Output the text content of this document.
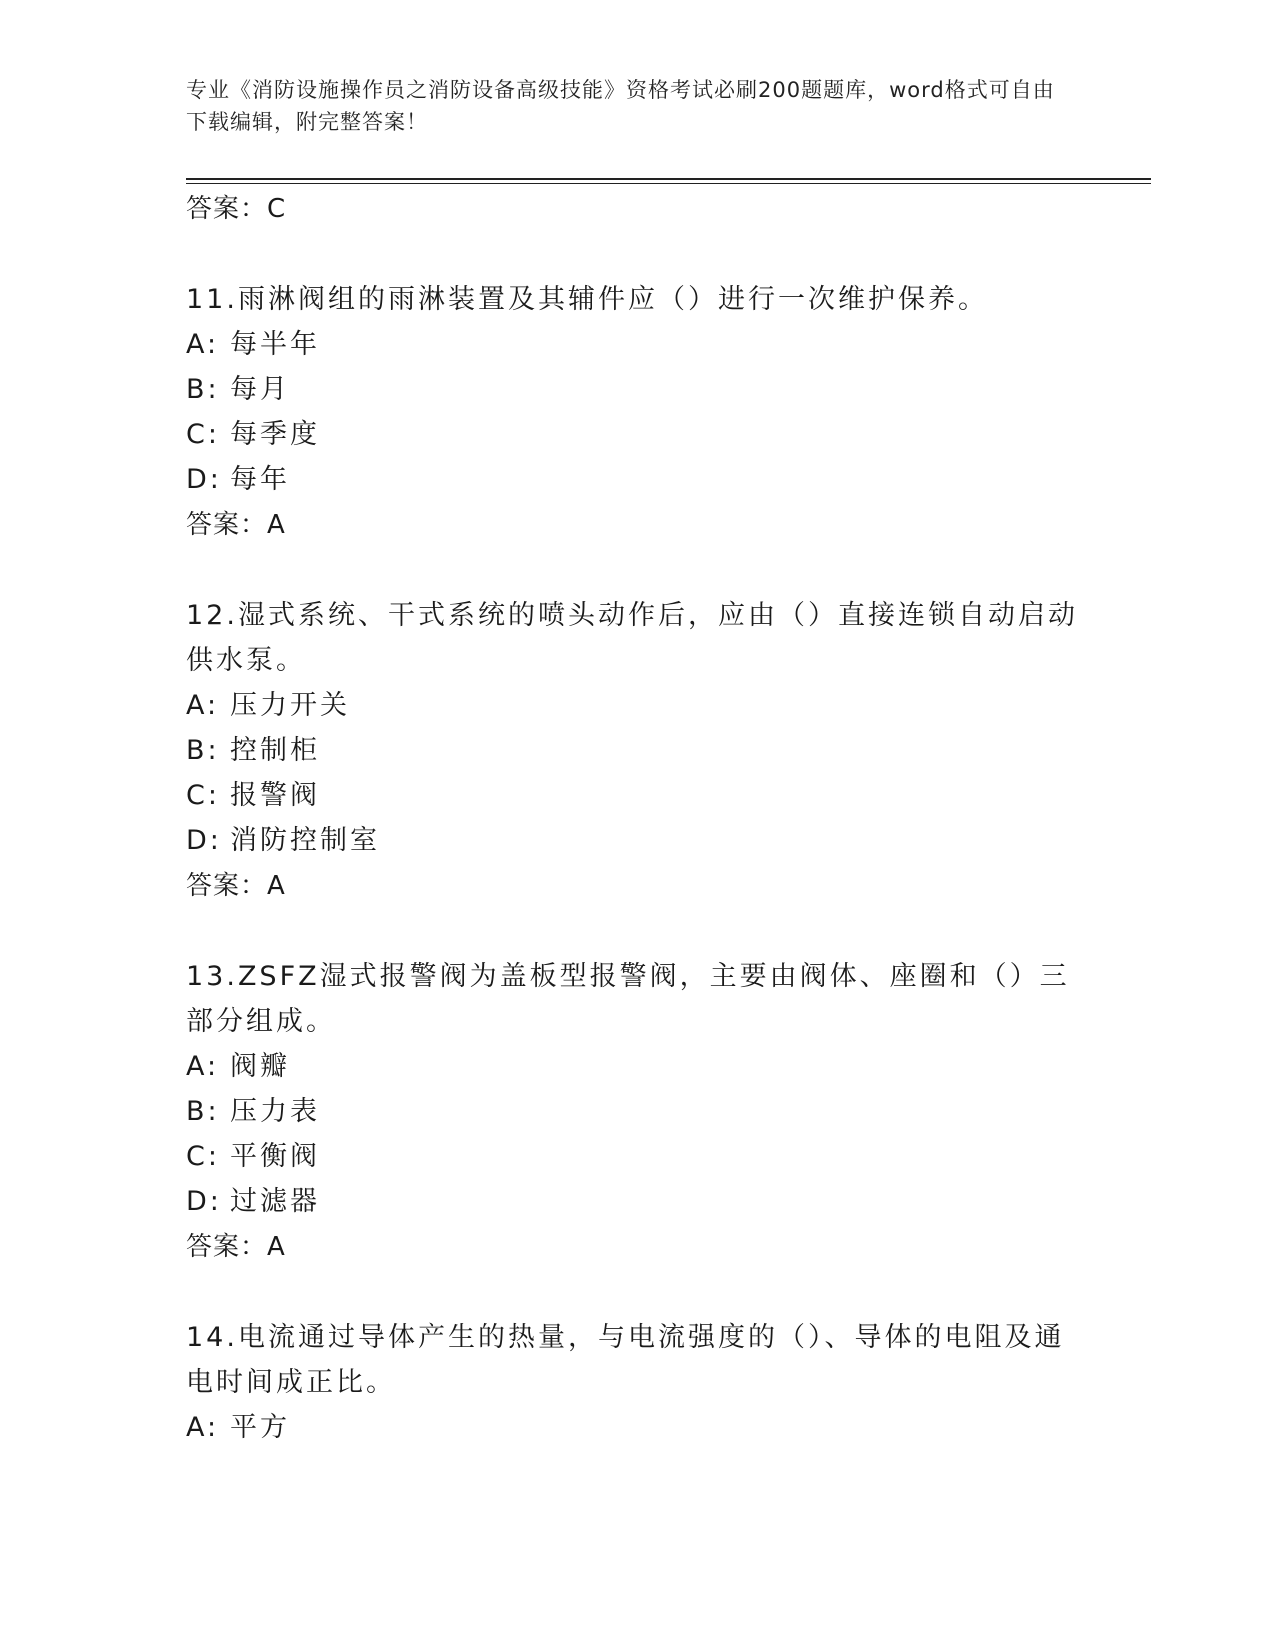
专业《消防设施操作员之消防设备高级技能》资格考试必刷200题题库，word格式可自由下载编辑，附完整答案！
答案：C

11.雨淋阀组的雨淋装置及其辅件应（）进行一次维护保养。

A: 每半年
B: 每月
C: 每季度
D: 每年
答案：A

12.湿式系统、干式系统的喷头动作后，应由（）直接连锁自动启动供水泵。

A: 压力开关
B: 控制柜
C: 报警阀
D: 消防控制室
答案：A

13.ZSFZ湿式报警阀为盖板型报警阀，主要由阀体、座圈和（）三部分组成。

A: 阀瓣
B: 压力表
C: 平衡阀
D: 过滤器
答案：A

14.电流通过导体产生的热量，与电流强度的（）、导体的电阻及通电时间成正比。

A: 平方
